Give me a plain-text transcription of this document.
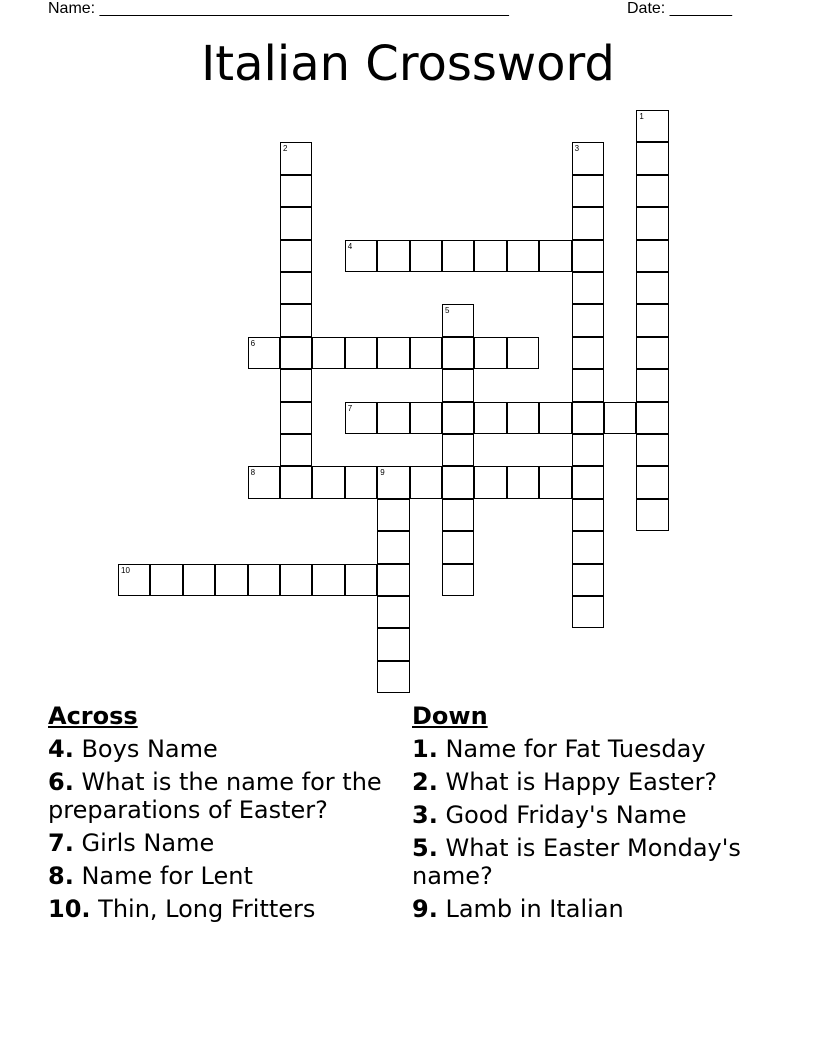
Name: ______________________________________________	Date: _______
Italian Crossword
1
2	3
4
5
6
7
8	9
10
Across
4. Boys Name
6. What is the name for the preparations of Easter?
7. Girls Name
8. Name for Lent
10. Thin, Long Fritters
Down
1. Name for Fat Tuesday
2. What is Happy Easter?
3. Good Friday's Name
5. What is Easter Monday's name?
9. Lamb in Italian
